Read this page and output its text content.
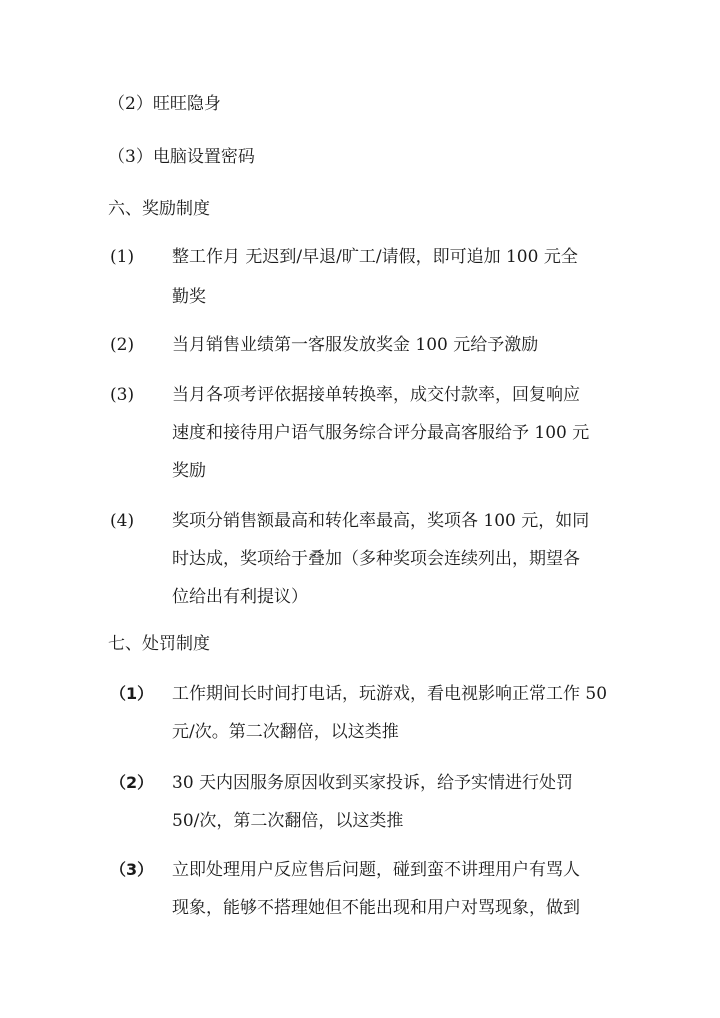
（2）旺旺隐身
（3）电脑设置密码
六、奖励制度
(1) 整工作月 无迟到/早退/旷工/请假，即可追加 100 元全
勤奖
(2) 当月销售业绩第一客服发放奖金 100 元给予激励
(3) 当月各项考评依据接单转换率，成交付款率，回复响应
速度和接待用户语气服务综合评分最高客服给予 100 元
奖励
(4) 奖项分销售额最高和转化率最高，奖项各 100 元，如同
时达成，奖项给于叠加（多种奖项会连续列出，期望各
位给出有利提议）
七、处罚制度
（1） 工作期间长时间打电话，玩游戏，看电视影响正常工作 50
元/次。第二次翻倍，以这类推
（2） 30 天内因服务原因收到买家投诉，给予实情进行处罚
50/次，第二次翻倍，以这类推
（3） 立即处理用户反应售后问题，碰到蛮不讲理用户有骂人
现象，能够不搭理她但不能出现和用户对骂现象，做到
